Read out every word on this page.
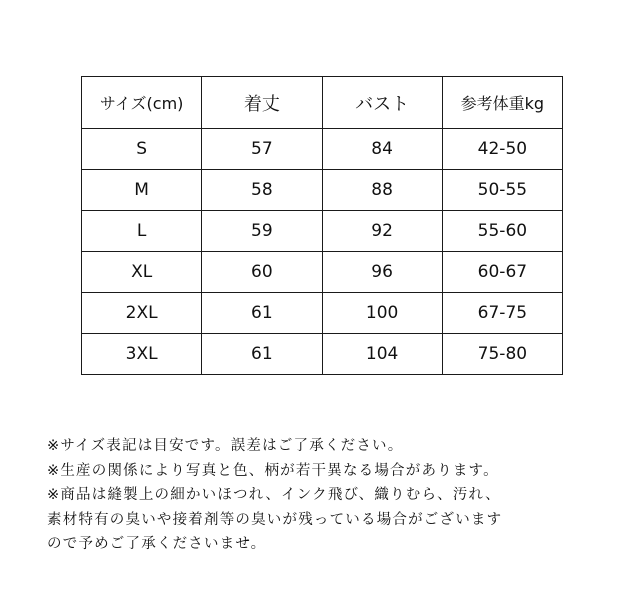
サイズ(cm)	着丈	バスト	参考体重kg
S	57	84	42-50
M	58	88	50-55
L	59	92	55-60
XL	60	96	60-67
2XL	61	100	67-75
3XL	61	104	75-80
※サイズ表記は目安です。誤差はご了承ください。
※生産の関係により写真と色、柄が若干異なる場合があります。
※商品は縫製上の細かいほつれ、インク飛び、織りむら、汚れ、
素材特有の臭いや接着剤等の臭いが残っている場合がございます
ので予めご了承くださいませ。
